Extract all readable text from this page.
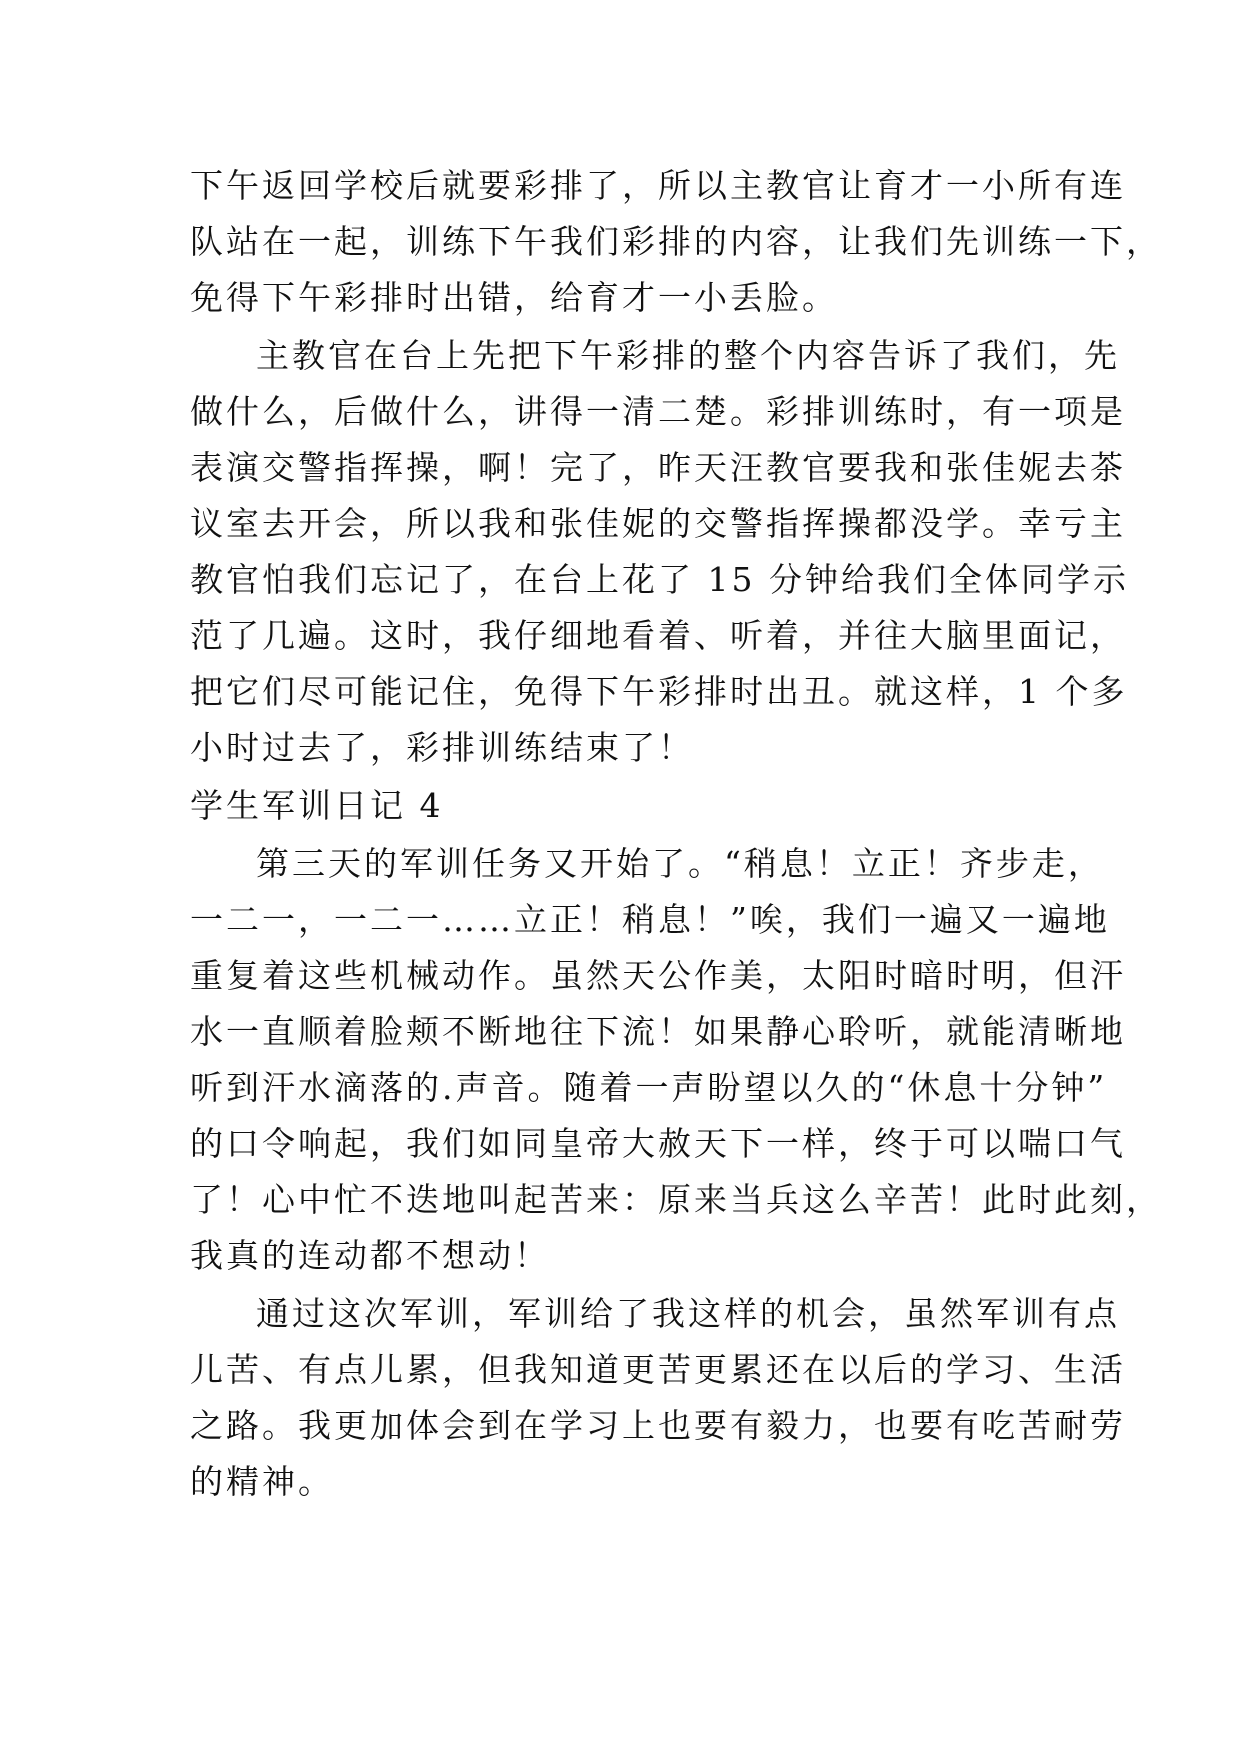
下午返回学校后就要彩排了，所以主教官让育才一小所有连
队站在一起，训练下午我们彩排的内容，让我们先训练一下，
免得下午彩排时出错，给育才一小丢脸。
主教官在台上先把下午彩排的整个内容告诉了我们，先
做什么，后做什么，讲得一清二楚。彩排训练时，有一项是
表演交警指挥操，啊！完了，昨天汪教官要我和张佳妮去茶
议室去开会，所以我和张佳妮的交警指挥操都没学。幸亏主
教官怕我们忘记了，在台上花了 15 分钟给我们全体同学示
范了几遍。这时，我仔细地看着、听着，并往大脑里面记，
把它们尽可能记住，免得下午彩排时出丑。就这样，1 个多
小时过去了，彩排训练结束了！
学生军训日记 4
第三天的军训任务又开始了。“稍息！立正！齐步走，
一二一，一二一……立正！稍息！”唉，我们一遍又一遍地
重复着这些机械动作。虽然天公作美，太阳时暗时明，但汗
水一直顺着脸颊不断地往下流！如果静心聆听，就能清晰地
听到汗水滴落的.声音。随着一声盼望以久的“休息十分钟”
的口令响起，我们如同皇帝大赦天下一样，终于可以喘口气
了！心中忙不迭地叫起苦来：原来当兵这么辛苦！此时此刻，
我真的连动都不想动！
通过这次军训，军训给了我这样的机会，虽然军训有点
儿苦、有点儿累，但我知道更苦更累还在以后的学习、生活
之路。我更加体会到在学习上也要有毅力，也要有吃苦耐劳
的精神。
